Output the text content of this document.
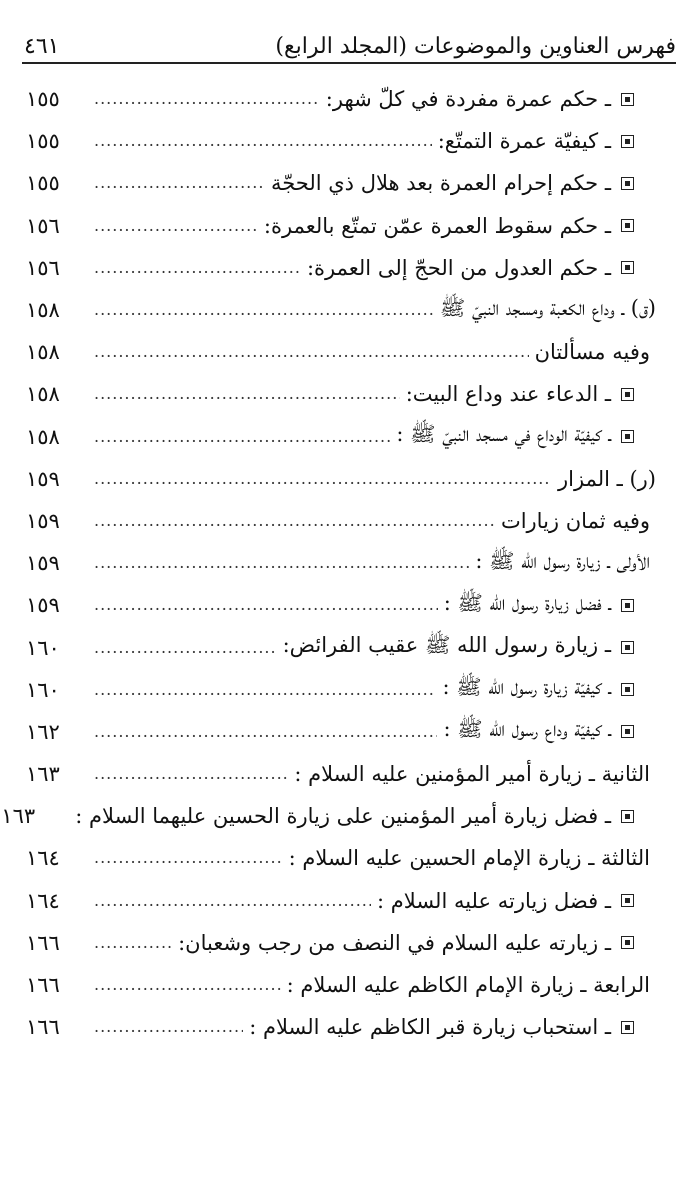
فهرس العناوين والموضوعات (المجلد الرابع)
٤٦١
ـ حكم عمرة مفردة في كلّ شهر:
.....
١٥٥
ـ كيفيّة عمرة التمتّع:
.....
١٥٥
ـ حكم إحرام العمرة بعد هلال ذي الحجّة
.....
١٥٥
ـ حكم سقوط العمرة عمّن تمتّع بالعمرة:
.....
١٥٦
ـ حكم العدول من الحجّ إلى العمرة:
.....
١٥٦
(ق) ـ وداع الكعبة ومسجد النبيّ ﷺ
.....
١٥٨
وفيه مسألتان
.....
١٥٨
ـ الدعاء عند وداع البيت:
.....
١٥٨
ـ كيفيّة الوداع في مسجد النبيّ ﷺ :
.....
١٥٨
(ر) ـ المزار
.....
١٥٩
وفيه ثمان زيارات
.....
١٥٩
الأولى ـ زيارة رسول الله ﷺ :
.....
١٥٩
ـ فضل زيارة رسول الله ﷺ :
.....
١٥٩
ـ زيارة رسول الله ﷺ عقيب الفرائض:
.....
١٦٠
ـ كيفيّة زيارة رسول الله ﷺ :
.....
١٦٠
ـ كيفيّة وداع رسول الله ﷺ :
.....
١٦٢
الثانية ـ زيارة أمير المؤمنين عليه السلام :
.....
١٦٣
ـ فضل زيارة أمير المؤمنين على زيارة الحسين عليهما السلام :
١٦٣
الثالثة ـ زيارة الإمام الحسين عليه السلام :
.....
١٦٤
ـ فضل زيارته عليه السلام :
.....
١٦٤
ـ زيارته عليه السلام في النصف من رجب وشعبان:
.....
١٦٦
الرابعة ـ زيارة الإمام الكاظم عليه السلام :
.....
١٦٦
ـ استحباب زيارة قبر الكاظم عليه السلام :
.....
١٦٦
